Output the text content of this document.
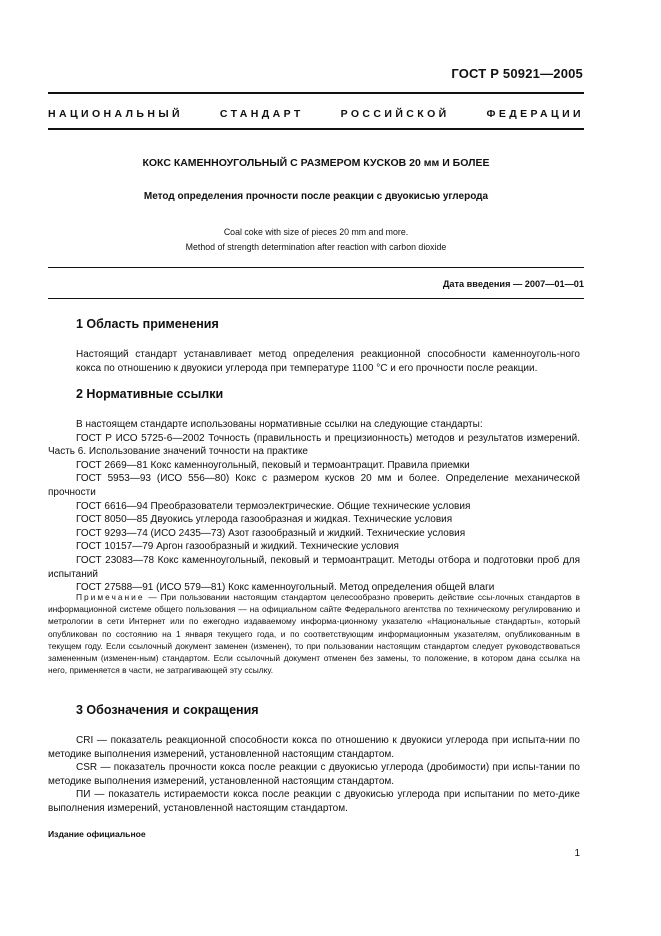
ГОСТ Р 50921—2005
НАЦИОНАЛЬНЫЙ СТАНДАРТ РОССИЙСКОЙ ФЕДЕРАЦИИ
КОКС КАМЕННОУГОЛЬНЫЙ С РАЗМЕРОМ КУСКОВ 20 мм И БОЛЕЕ
Метод определения прочности после реакции с двуокисью углерода
Coal coke with size of pieces 20 mm and more.
Method of strength determination after reaction with carbon dioxide
Дата введения — 2007—01—01
1 Область применения

Настоящий стандарт устанавливает метод определения реакционной способности каменноуголь-ного кокса по отношению к двуокиси углерода при температуре 1100 °С и его прочности после реакции.

2 Нормативные ссылки

В настоящем стандарте использованы нормативные ссылки на следующие стандарты:

ГОСТ Р ИСО 5725-6—2002 Точность (правильность и прецизионность) методов и результатов измерений. Часть 6. Использование значений точности на практике

ГОСТ 2669—81 Кокс каменноугольный, пековый и термоантрацит. Правила приемки

ГОСТ 5953—93 (ИСО 556—80) Кокс с размером кусков 20 мм и более. Определение механической прочности

ГОСТ 6616—94 Преобразователи термоэлектрические. Общие технические условия

ГОСТ 8050—85 Двуокись углерода газообразная и жидкая. Технические условия

ГОСТ 9293—74 (ИСО 2435—73) Азот газообразный и жидкий. Технические условия

ГОСТ 10157—79 Аргон газообразный и жидкий. Технические условия

ГОСТ 23083—78 Кокс каменноугольный, пековый и термоантрацит. Методы отбора и подготовки проб для испытаний

ГОСТ 27588—91 (ИСО 579—81) Кокс каменноугольный. Метод определения общей влаги

Примечание — При пользовании настоящим стандартом целесообразно проверить действие ссы-лочных стандартов в информационной системе общего пользования — на официальном сайте Федерального агентства по техническому регулированию и метрологии в сети Интернет или по ежегодно издаваемому информа-ционному указателю «Национальные стандарты», который опубликован по состоянию на 1 января текущего года, и по соответствующим информационным указателям, опубликованным в текущем году. Если ссылочный документ заменен (изменен), то при пользовании настоящим стандартом следует руководствоваться замененным (изменен-ным) стандартом. Если ссылочный документ отменен без замены, то положение, в котором дана ссылка на него, применяется в части, не затрагивающей эту ссылку.
3 Обозначения и сокращения

CRI — показатель реакционной способности кокса по отношению к двуокиси углерода при испыта-нии по методике выполнения измерений, установленной настоящим стандартом.

CSR — показатель прочности кокса после реакции с двуокисью углерода (дробимости) при испы-тании по методике выполнения измерений, установленной настоящим стандартом.

ПИ — показатель истираемости кокса после реакции с двуокисью углерода при испытании по мето-дике выполнения измерений, установленной настоящим стандартом.

Издание официальное
1
